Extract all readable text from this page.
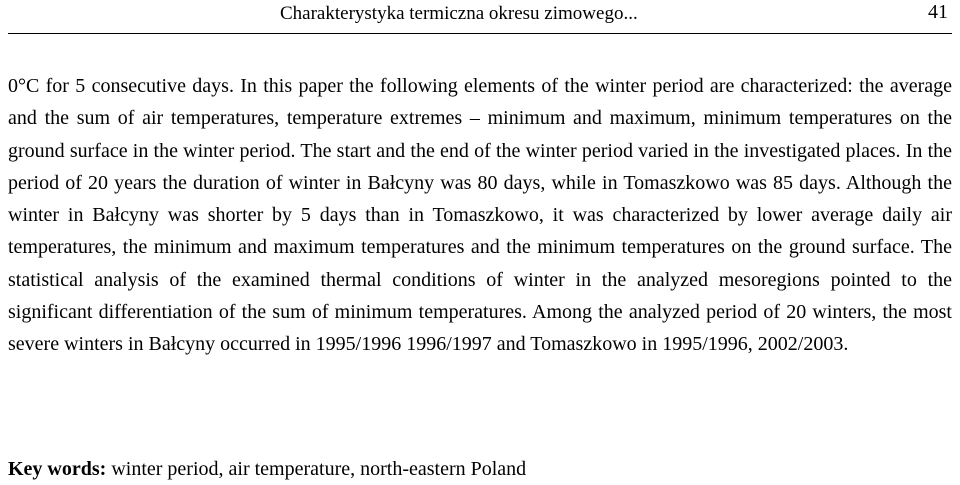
Charakterystyka termiczna okresu zimowego...	41

0°C for 5 consecutive days. In this paper the following elements of the winter period are characterized: the average and the sum of air temperatures, temperature extremes – minimum and maximum, minimum temperatures on the ground surface in the winter period. The start and the end of the winter period varied in the investigated places. In the period of 20 years the duration of winter in Bałcyny was 80 days, while in Tomaszkowo was 85 days. Although the winter in Bałcyny was shorter by 5 days than in Tomaszkowo, it was characterized by lower average daily air temperatures, the minimum and maximum temperatures and the minimum temperatures on the ground surface. The statistical analysis of the examined thermal conditions of winter in the analyzed mesoregions pointed to the significant differentiation of the sum of minimum temperatures. Among the analyzed period of 20 winters, the most severe winters in Bałcyny occurred in 1995/1996 1996/1997 and Tomaszkowo in 1995/1996, 2002/2003.

Key words: winter period, air temperature, north-eastern Poland
